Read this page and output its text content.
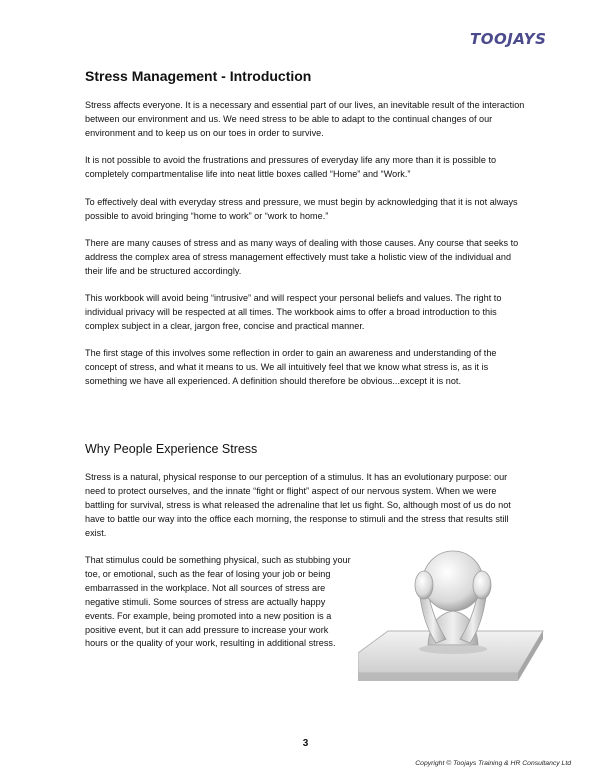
TOOJAYS
Stress Management - Introduction

Stress affects everyone. It is a necessary and essential part of our lives, an inevitable result of the interaction between our environment and us. We need stress to be able to adapt to the continual changes of our environment and to keep us on our toes in order to survive.

It is not possible to avoid the frustrations and pressures of everyday life any more than it is possible to completely compartmentalise life into neat little boxes called “Home” and “Work.”

To effectively deal with everyday stress and pressure, we must begin by acknowledging that it is not always possible to avoid bringing “home to work” or “work to home.”

There are many causes of stress and as many ways of dealing with those causes. Any course that seeks to address the complex area of stress management effectively must take a holistic view of the individual and their life and be structured accordingly.

This workbook will avoid being “intrusive” and will respect your personal beliefs and values. The right to individual privacy will be respected at all times. The workbook aims to offer a broad introduction to this complex subject in a clear, jargon free, concise and practical manner.

The first stage of this involves some reflection in order to gain an awareness and understanding of the concept of stress, and what it means to us. We all intuitively feel that we know what stress is, as it is something we have all experienced. A definition should therefore be obvious...except it is not.

Why People Experience Stress

Stress is a natural, physical response to our perception of a stimulus. It has an evolutionary purpose: our need to protect ourselves, and the innate “fight or flight” aspect of our nervous system. When we were battling for survival, stress is what released the adrenaline that let us fight. So, although most of us do not have to battle our way into the office each morning, the response to stimuli and the stress that results still exist.

That stimulus could be something physical, such as stubbing your toe, or emotional, such as the fear of losing your job or being embarrassed in the workplace. Not all sources of stress are negative stimuli. Some sources of stress are actually happy events. For example, being promoted into a new position is a positive event, but it can add pressure to increase your work hours or the quality of your work, resulting in additional stress.

3
Copyright © Toojays Training & HR Consultancy Ltd
